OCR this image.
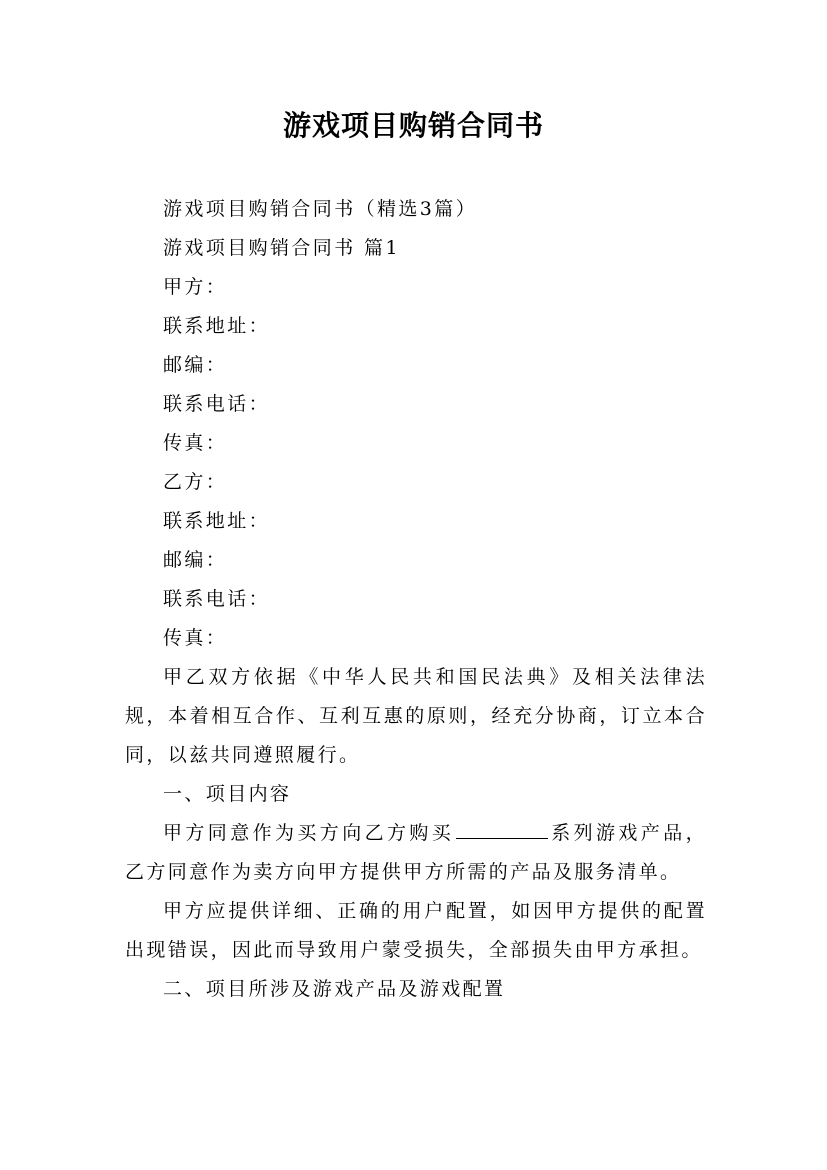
游戏项目购销合同书

游戏项目购销合同书（精选3篇）

游戏项目购销合同书 篇1

甲方：

联系地址：

邮编：

联系电话：

传真：

乙方：

联系地址：

邮编：

联系电话：

传真：

甲乙双方依据《中华人民共和国民法典》及相关法律法规，本着相互合作、互利互惠的原则，经充分协商，订立本合同，以兹共同遵照履行。

一、项目内容

甲方同意作为买方向乙方购买	系列游戏产品，乙方同意作为卖方向甲方提供甲方所需的产品及服务清单。

甲方应提供详细、正确的用户配置，如因甲方提供的配置出现错误，因此而导致用户蒙受损失，全部损失由甲方承担。

二、项目所涉及游戏产品及游戏配置
